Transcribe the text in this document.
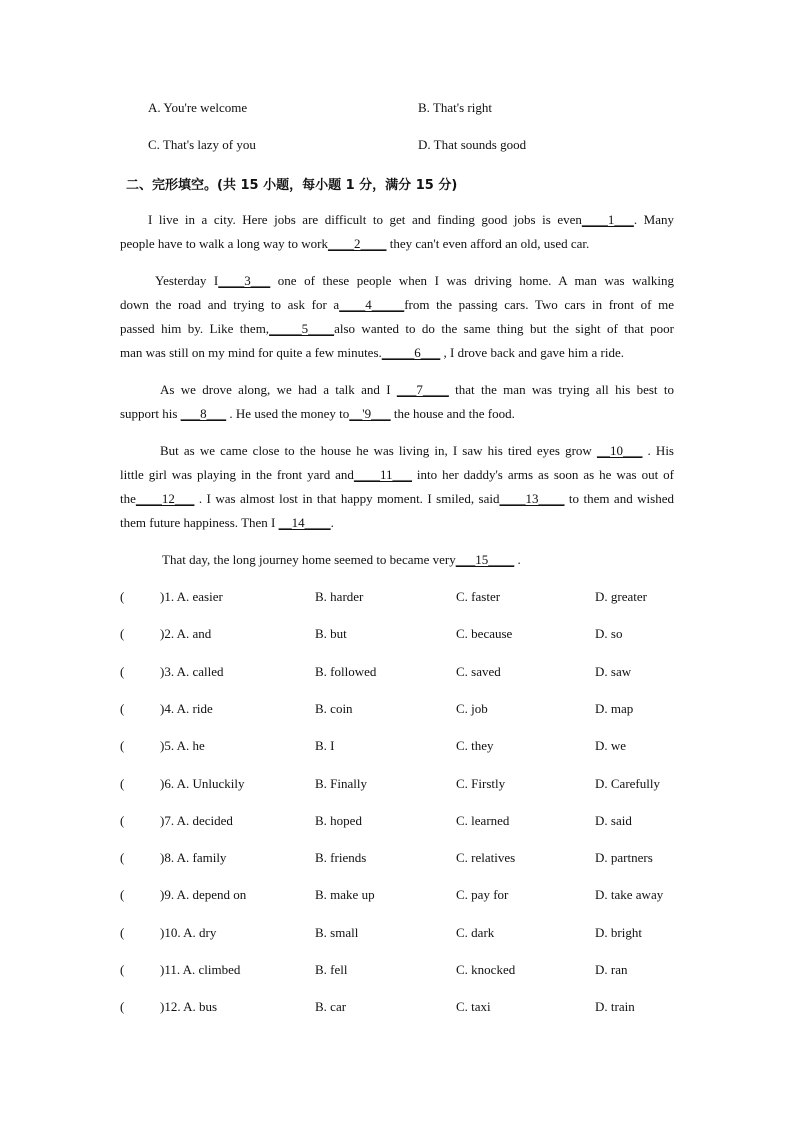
A. You're welcome	B. That's right
C. That's lazy of you	D. That sounds good
二、完形填空。(共 15 小题，每小题 1 分，满分 15 分)
I live in a city. Here jobs are difficult to get and finding good jobs is even____1___. Many
people have to walk a long way to work____2____ they can't even afford an old, used car.
Yesterday I____3___ one of these people when I was driving home. A man was walking
down the road and trying to ask for a____4_____from the passing cars. Two cars in front of me
passed him by. Like them,_____5____also wanted to do the same thing but the sight of that poor
man was still on my mind for quite a few minutes._____6___ , I drove back and gave him a ride.
As we drove along, we had a talk and I ___7____ that the man was trying all his best to
support his ___8___ . He used the money to__'9___ the house and the food.
But as we came close to the house he was living in, I saw his tired eyes grow __10___ . His
little girl was playing in the front yard and____11___ into her daddy's arms as soon as he was out of
the____12___ . I was almost lost in that happy moment. I smiled, said____13____ to them and wished
them future happiness. Then I __14____.
That day, the long journey home seemed to became very___15____ .
(	)1. A. easier	B. harder	C. faster	D. greater
(	)2. A. and	B. but	C. because	D. so
(	)3. A. called	B. followed	C. saved	D. saw
(	)4. A. ride	B. coin	C. job	D. map
(	)5. A. he	B. I	C. they	D. we
(	)6. A. Unluckily	B. Finally	C. Firstly	D. Carefully
(	)7. A. decided	B. hoped	C. learned	D. said
(	)8. A. family	B. friends	C. relatives	D. partners
(	)9. A. depend on	B. make up	C. pay for	D. take away
(	)10. A. dry	B. small	C. dark	D. bright
(	)11. A. climbed	B. fell	C. knocked	D. ran
(	)12. A. bus	B. car	C. taxi	D. train
